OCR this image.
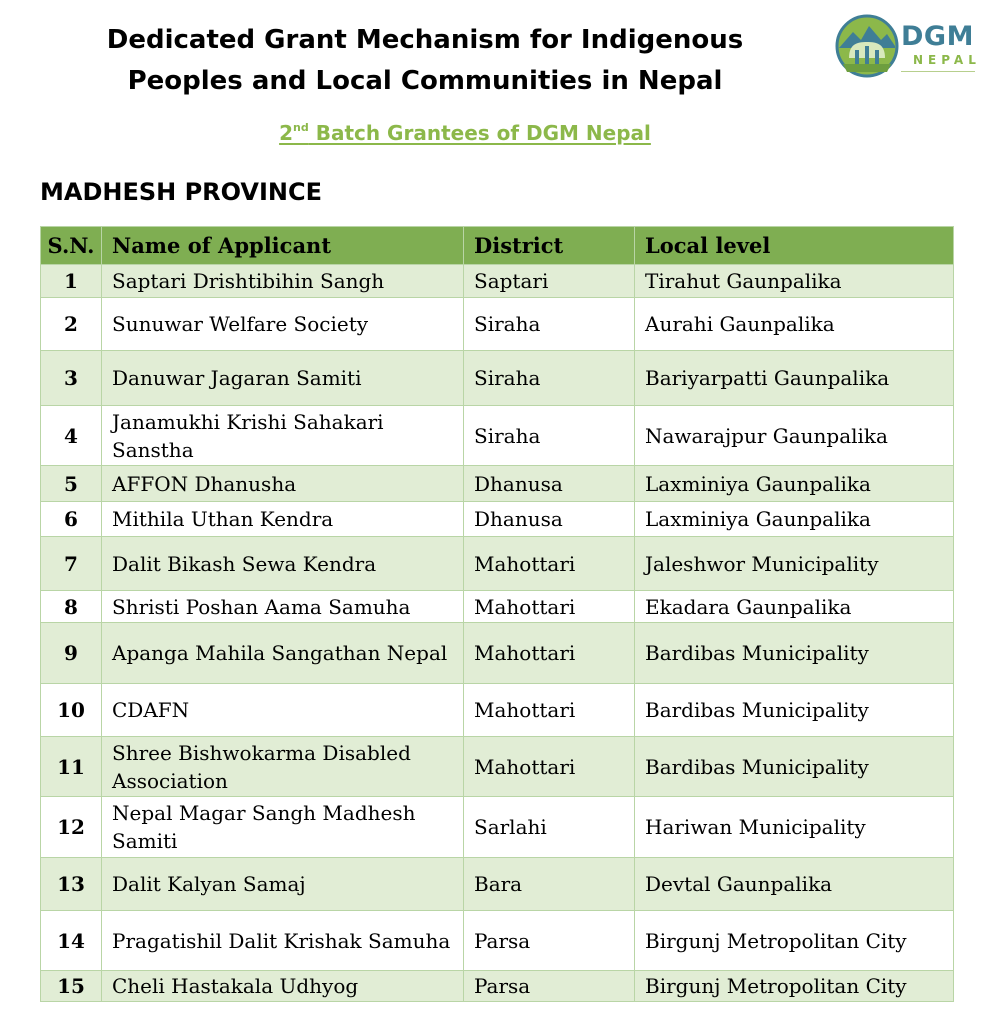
Dedicated Grant Mechanism for Indigenous
Peoples and Local Communities in Nepal
DGM
NEPAL
2nd Batch Grantees of DGM Nepal
MADHESH PROVINCE
S.N.	Name of Applicant	District	Local level
1	Saptari Drishtibihin Sangh	Saptari	Tirahut Gaunpalika
2	Sunuwar Welfare Society	Siraha	Aurahi Gaunpalika
3	Danuwar Jagaran Samiti	Siraha	Bariyarpatti Gaunpalika
4	Janamukhi Krishi Sahakari Sanstha	Siraha	Nawarajpur Gaunpalika
5	AFFON Dhanusha	Dhanusa	Laxminiya Gaunpalika
6	Mithila Uthan Kendra	Dhanusa	Laxminiya Gaunpalika
7	Dalit Bikash Sewa Kendra	Mahottari	Jaleshwor Municipality
8	Shristi Poshan Aama Samuha	Mahottari	Ekadara Gaunpalika
9	Apanga Mahila Sangathan Nepal	Mahottari	Bardibas Municipality
10	CDAFN	Mahottari	Bardibas Municipality
11	Shree Bishwokarma Disabled Association	Mahottari	Bardibas Municipality
12	Nepal Magar Sangh Madhesh Samiti	Sarlahi	Hariwan Municipality
13	Dalit Kalyan Samaj	Bara	Devtal Gaunpalika
14	Pragatishil Dalit Krishak Samuha	Parsa	Birgunj Metropolitan City
15	Cheli Hastakala Udhyog	Parsa	Birgunj Metropolitan City
